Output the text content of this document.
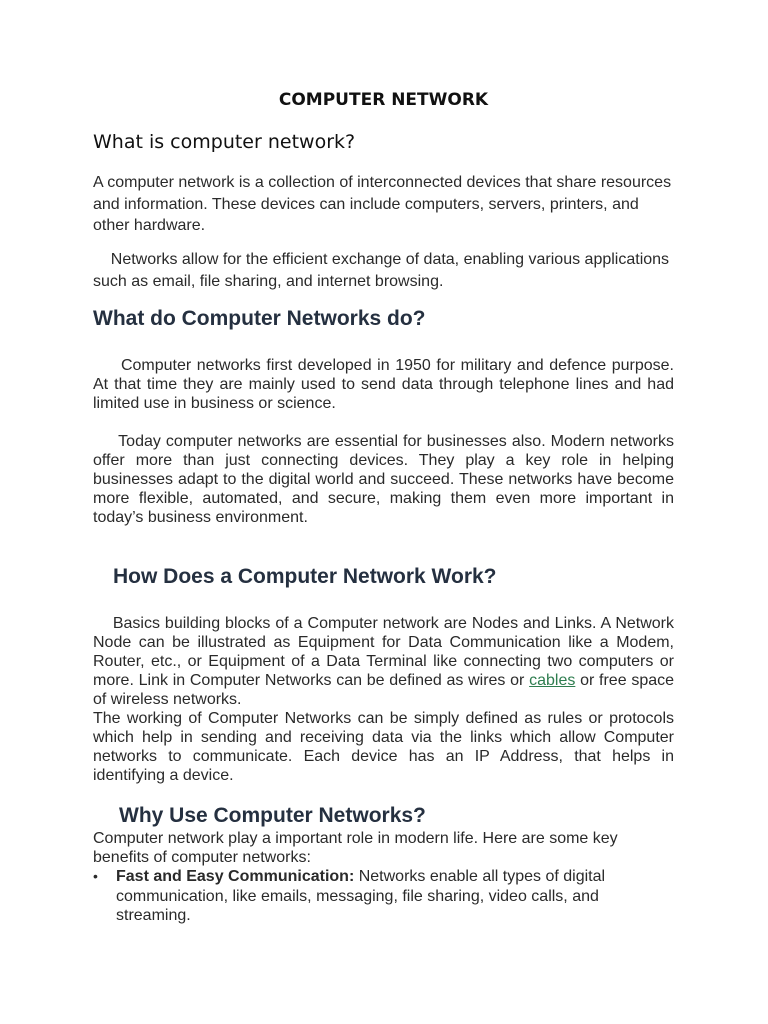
COMPUTER NETWORK
What is computer network?

A computer network is a collection of interconnected devices that share resources and information. These devices can include computers, servers, printers, and other hardware.

Networks allow for the efficient exchange of data, enabling various applications such as email, file sharing, and internet browsing.

What do Computer Networks do?

Computer networks first developed in 1950 for military and defence purpose. At that time they are mainly used to send data through telephone lines and had limited use in business or science.

Today computer networks are essential for businesses also. Modern networks offer more than just connecting devices. They play a key role in helping businesses adapt to the digital world and succeed. These networks have become more flexible, automated, and secure, making them even more important in today’s business environment.

How Does a Computer Network Work?

Basics building blocks of a Computer network are Nodes and Links. A Network Node can be illustrated as Equipment for Data Communication like a Modem, Router, etc., or Equipment of a Data Terminal like connecting two computers or more. Link in Computer Networks can be defined as wires or cables or free space of wireless networks.

The working of Computer Networks can be simply defined as rules or protocols which help in sending and receiving data via the links which allow Computer networks to communicate. Each device has an IP Address, that helps in identifying a device.

Why Use Computer Networks?

Computer network play a important role in modern life. Here are some key benefits of computer networks:

• Fast and Easy Communication: Networks enable all types of digital communication, like emails, messaging, file sharing, video calls, and streaming.
